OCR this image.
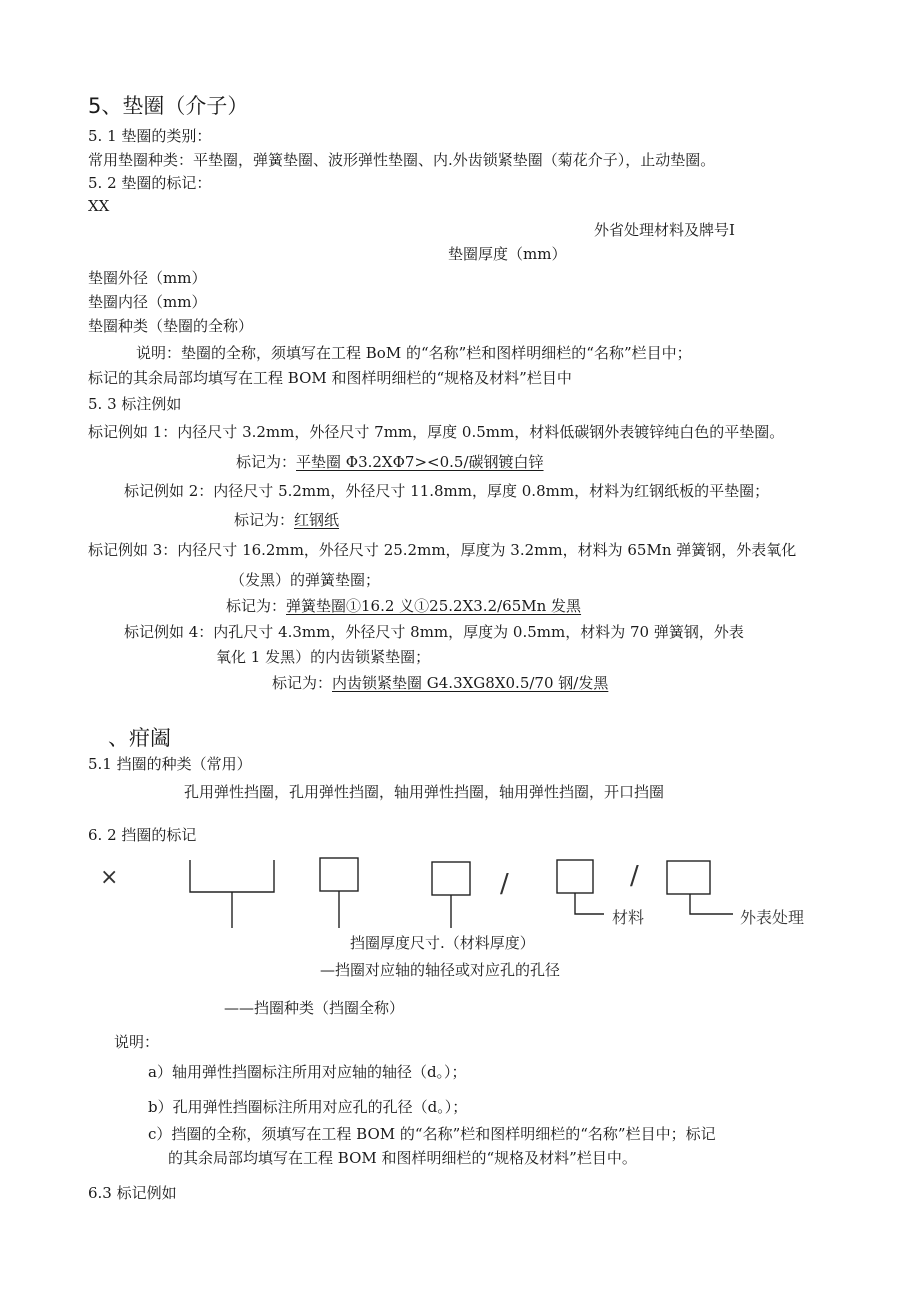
5、垫圈（介子）
5. 1 垫圈的类别：
常用垫圈种类：平垫圈，弹簧垫圈、波形弹性垫圈、内.外齿锁紧垫圈（菊花介子），止动垫圈。
5. 2 垫圈的标记：
XX
外省处理材料及牌号Ⅰ
垫圈厚度（mm）
垫圈外径（mm）
垫圈内径（mm）
垫圈种类（垫圈的全称）
说明：垫圈的全称，须填写在工程 BoM 的“名称”栏和图样明细栏的“名称”栏目中；
标记的其余局部均填写在工程 BOM 和图样明细栏的“规格及材料”栏目中
5. 3 标注例如
标记例如 1：内径尺寸 3.2mm，外径尺寸 7mm，厚度 0.5mm，材料低碳钢外表镀锌纯白色的平垫圈。
标记为：平垫圈 Φ3.2XΦ7><0.5/碳钢镀白锌
标记例如 2：内径尺寸 5.2mm，外径尺寸 11.8mm，厚度 0.8mm，材料为红钢纸板的平垫圈；
标记为：红钢纸
标记例如 3：内径尺寸 16.2mm，外径尺寸 25.2mm，厚度为 3.2mm，材料为 65Mn 弹簧钢，外表氧化
（发黑）的弹簧垫圈；
标记为：弹簧垫圈①16.2 义①25.2X3.2/65Mn 发黑
标记例如 4：内孔尺寸 4.3mm，外径尺寸 8mm，厚度为 0.5mm，材料为 70 弹簧钢，外表
氧化 1 发黑）的内齿锁紧垫圈；
标记为：内齿锁紧垫圈 G4.3XG8X0.5/70 钢/发黑
、疳阖
5.1 挡圈的种类（常用）
孔用弹性挡圈，孔用弹性挡圈，轴用弹性挡圈，轴用弹性挡圈，开口挡圈
6. 2 挡圈的标记
×	/	/
材料	外表处理
挡圈厚度尺寸.（材料厚度）
—挡圈对应轴的轴径或对应孔的孔径
——挡圈种类（挡圈全称）
说明：
a）轴用弹性挡圈标注所用对应轴的轴径（d。）；
b）孔用弹性挡圈标注所用对应孔的孔径（d。）；
c）挡圈的全称，须填写在工程 BOM 的“名称”栏和图样明细栏的“名称”栏目中；标记
的其余局部均填写在工程 BOM 和图样明细栏的“规格及材料”栏目中。
6.3 标记例如
